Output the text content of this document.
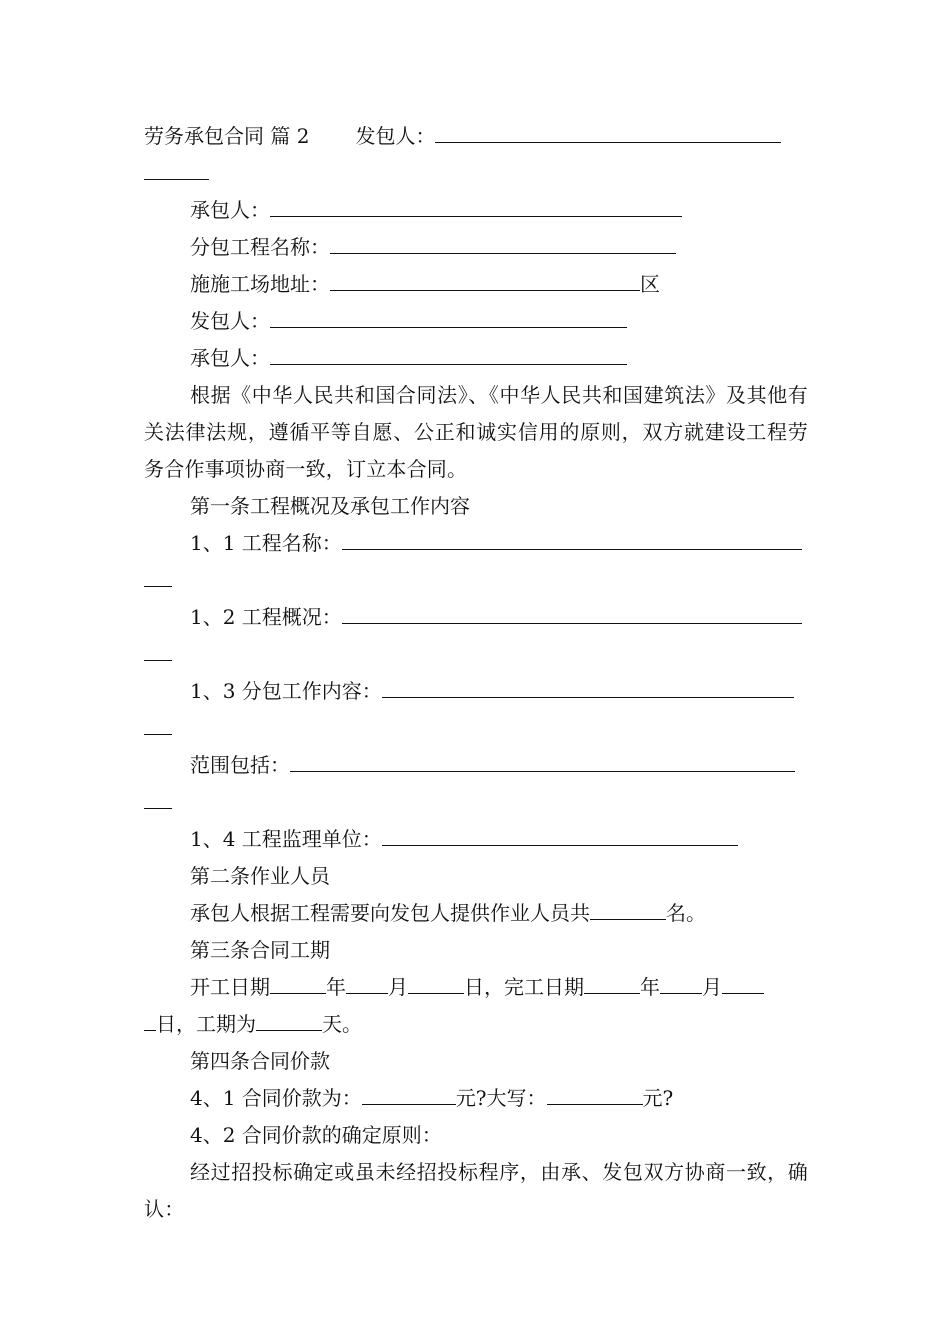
劳务承包合同 篇 2 发包人：
承包人：
分包工程名称：
施施工场地址：	区
发包人：
承包人：
根据《中华人民共和国合同法》、《中华人民共和国建筑法》及其他有关法律法规，遵循平等自愿、公正和诚实信用的原则，双方就建设工程劳务合作事项协商一致，订立本合同。
第一条工程概况及承包工作内容
1、1 工程名称：
1、2 工程概况：
1、3 分包工作内容：
范围包括：
1、4 工程监理单位：
第二条作业人员
承包人根据工程需要向发包人提供作业人员共	名。
第三条合同工期
开工日期	年 月	日，完工日期	年 月
日，工期为	天。
第四条合同价款
4、1 合同价款为：	元?大写：	元?
4、2 合同价款的确定原则：
经过招投标确定或虽未经招投标程序，由承、发包双方协商一致，确认：
